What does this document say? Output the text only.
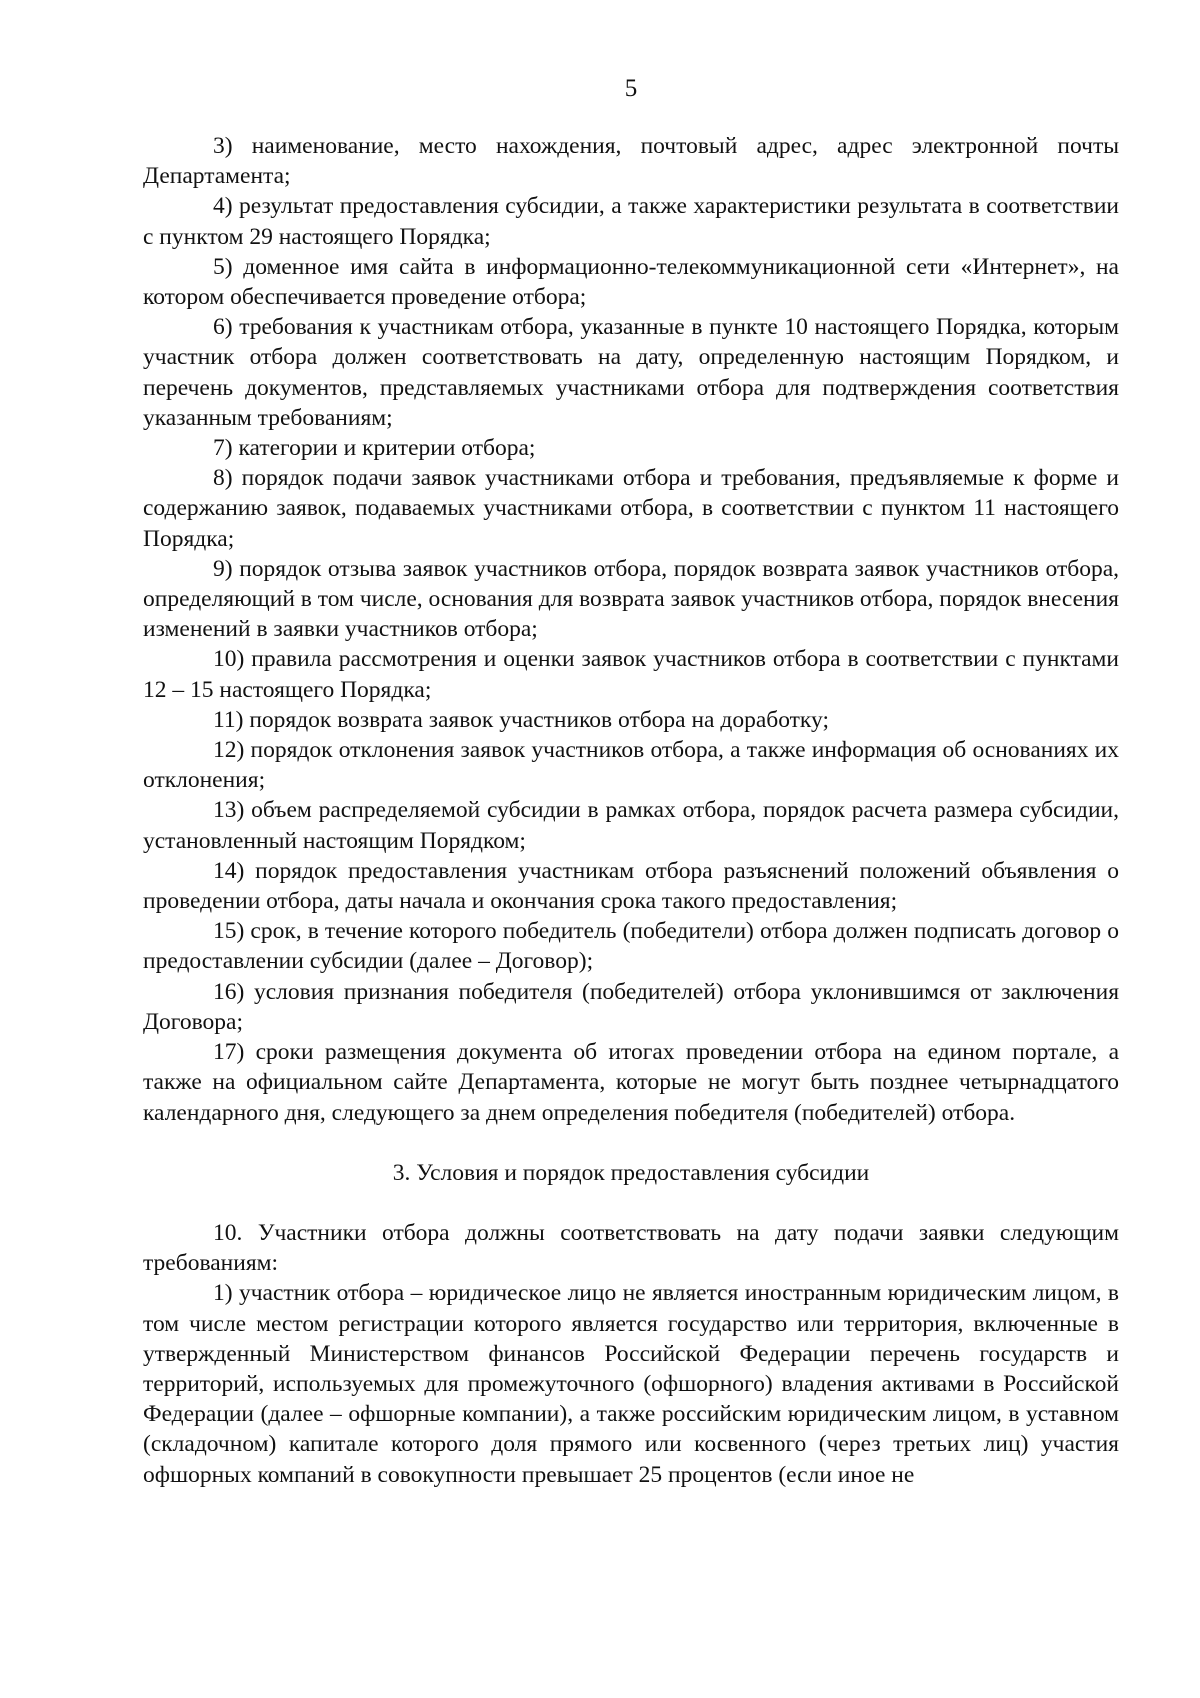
5

3) наименование, место нахождения, почтовый адрес, адрес электронной почты Департамента;

4) результат предоставления субсидии, а также характеристики результата в соответствии с пунктом 29 настоящего Порядка;

5) доменное имя сайта в информационно-телекоммуникационной сети «Интернет», на котором обеспечивается проведение отбора;

6) требования к участникам отбора, указанные в пункте 10 настоящего Порядка, которым участник отбора должен соответствовать на дату, определенную настоящим Порядком, и перечень документов, представляемых участниками отбора для подтверждения соответствия указанным требованиям;

7) категории и критерии отбора;

8) порядок подачи заявок участниками отбора и требования, предъявляемые к форме и содержанию заявок, подаваемых участниками отбора, в соответствии с пунктом 11 настоящего Порядка;

9) порядок отзыва заявок участников отбора, порядок возврата заявок участников отбора, определяющий в том числе, основания для возврата заявок участников отбора, порядок внесения изменений в заявки участников отбора;

10) правила рассмотрения и оценки заявок участников отбора в соответствии с пунктами 12 – 15 настоящего Порядка;

11) порядок возврата заявок участников отбора на доработку;

12) порядок отклонения заявок участников отбора, а также информация об основаниях их отклонения;

13) объем распределяемой субсидии в рамках отбора, порядок расчета размера субсидии, установленный настоящим Порядком;

14) порядок предоставления участникам отбора разъяснений положений объявления о проведении отбора, даты начала и окончания срока такого предоставления;

15) срок, в течение которого победитель (победители) отбора должен подписать договор о предоставлении субсидии (далее – Договор);

16) условия признания победителя (победителей) отбора уклонившимся от заключения Договора;

17) сроки размещения документа об итогах проведении отбора на едином портале, а также на официальном сайте Департамента, которые не могут быть позднее четырнадцатого календарного дня, следующего за днем определения победителя (победителей) отбора.

3. Условия и порядок предоставления субсидии

10. Участники отбора должны соответствовать на дату подачи заявки следующим требованиям:

1) участник отбора – юридическое лицо не является иностранным юридическим лицом, в том числе местом регистрации которого является государство или территория, включенные в утвержденный Министерством финансов Российской Федерации перечень государств и территорий, используемых для промежуточного (офшорного) владения активами в Российской Федерации (далее – офшорные компании), а также российским юридическим лицом, в уставном (складочном) капитале которого доля прямого или косвенного (через третьих лиц) участия офшорных компаний в совокупности превышает 25 процентов (если иное не
